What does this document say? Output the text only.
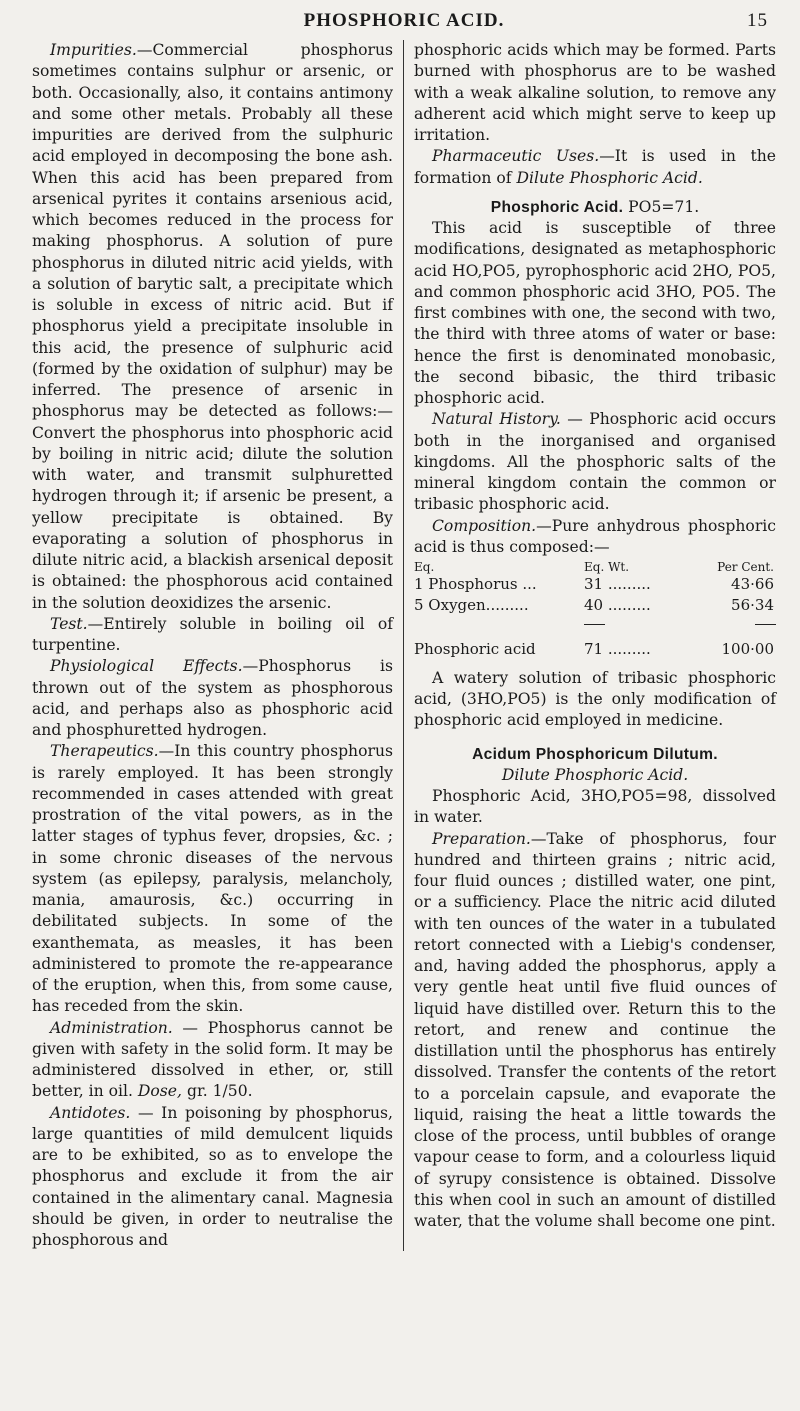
PHOSPHORIC ACID.	15

Impurities.—Commercial phosphorus sometimes contains sulphur or arsenic, or both. Occasionally, also, it contains antimony and some other metals. Probably all these impurities are derived from the sulphuric acid employed in decomposing the bone ash. When this acid has been prepared from arsenical pyrites it contains arsenious acid, which becomes reduced in the process for making phosphorus. A solution of pure phosphorus in diluted nitric acid yields, with a solution of barytic salt, a precipitate which is soluble in excess of nitric acid. But if phosphorus yield a precipitate insoluble in this acid, the presence of sulphuric acid (formed by the oxidation of sulphur) may be inferred. The presence of arsenic in phosphorus may be detected as follows:—Convert the phosphorus into phosphoric acid by boiling in nitric acid; dilute the solution with water, and transmit sulphuretted hydrogen through it; if arsenic be present, a yellow precipitate is obtained. By evaporating a solution of phosphorus in dilute nitric acid, a blackish arsenical deposit is obtained: the phosphorous acid contained in the solution deoxidizes the arsenic.

Test.—Entirely soluble in boiling oil of turpentine.

Physiological Effects.—Phosphorus is thrown out of the system as phosphorous acid, and perhaps also as phosphoric acid and phosphuretted hydrogen.

Therapeutics.—In this country phosphorus is rarely employed. It has been strongly recommended in cases attended with great prostration of the vital powers, as in the latter stages of typhus fever, dropsies, &c. ; in some chronic diseases of the nervous system (as epilepsy, paralysis, melancholy, mania, amaurosis, &c.) occurring in debilitated subjects. In some of the exanthemata, as measles, it has been administered to promote the re-appearance of the eruption, when this, from some cause, has receded from the skin.

Administration. — Phosphorus cannot be given with safety in the solid form. It may be administered dissolved in ether, or, still better, in oil. Dose, gr. 1/50.

Antidotes. — In poisoning by phosphorus, large quantities of mild demulcent liquids are to be exhibited, so as to envelope the phosphorus and exclude it from the air contained in the alimentary canal. Magnesia should be given, in order to neutralise the phosphorous and

phosphoric acids which may be formed. Parts burned with phosphorus are to be washed with a weak alkaline solution, to remove any adherent acid which might serve to keep up irritation.

Pharmaceutic Uses.—It is used in the formation of Dilute Phosphoric Acid.

Phosphoric Acid. PO5=71.

This acid is susceptible of three modifications, designated as metaphosphoric acid HO,PO5, pyrophosphoric acid 2HO, PO5, and common phosphoric acid 3HO, PO5. The first combines with one, the second with two, the third with three atoms of water or base: hence the first is denominated monobasic, the second bibasic, the third tribasic phosphoric acid.

Natural History. — Phosphoric acid occurs both in the inorganised and organised kingdoms. All the phosphoric salts of the mineral kingdom contain the common or tribasic phosphoric acid.

Composition.—Pure anhydrous phosphoric acid is thus composed:—

Eq.	Eq. Wt.	Per Cent.
1 Phosphorus ...	31 .........	43·66
5 Oxygen.........	40 .........	56·34
Phosphoric acid	71 .........	100·00

A watery solution of tribasic phosphoric acid, (3HO,PO5) is the only modification of phosphoric acid employed in medicine.

Acidum Phosphoricum Dilutum.

Dilute Phosphoric Acid.

Phosphoric Acid, 3HO,PO5=98, dissolved in water.

Preparation.—Take of phosphorus, four hundred and thirteen grains ; nitric acid, four fluid ounces ; distilled water, one pint, or a sufficiency. Place the nitric acid diluted with ten ounces of the water in a tubulated retort connected with a Liebig's condenser, and, having added the phosphorus, apply a very gentle heat until five fluid ounces of liquid have distilled over. Return this to the retort, and renew and continue the distillation until the phosphorus has entirely dissolved. Transfer the contents of the retort to a porcelain capsule, and evaporate the liquid, raising the heat a little towards the close of the process, until bubbles of orange vapour cease to form, and a colourless liquid of syrupy consistence is obtained. Dissolve this when cool in such an amount of distilled water, that the volume shall become one pint.
